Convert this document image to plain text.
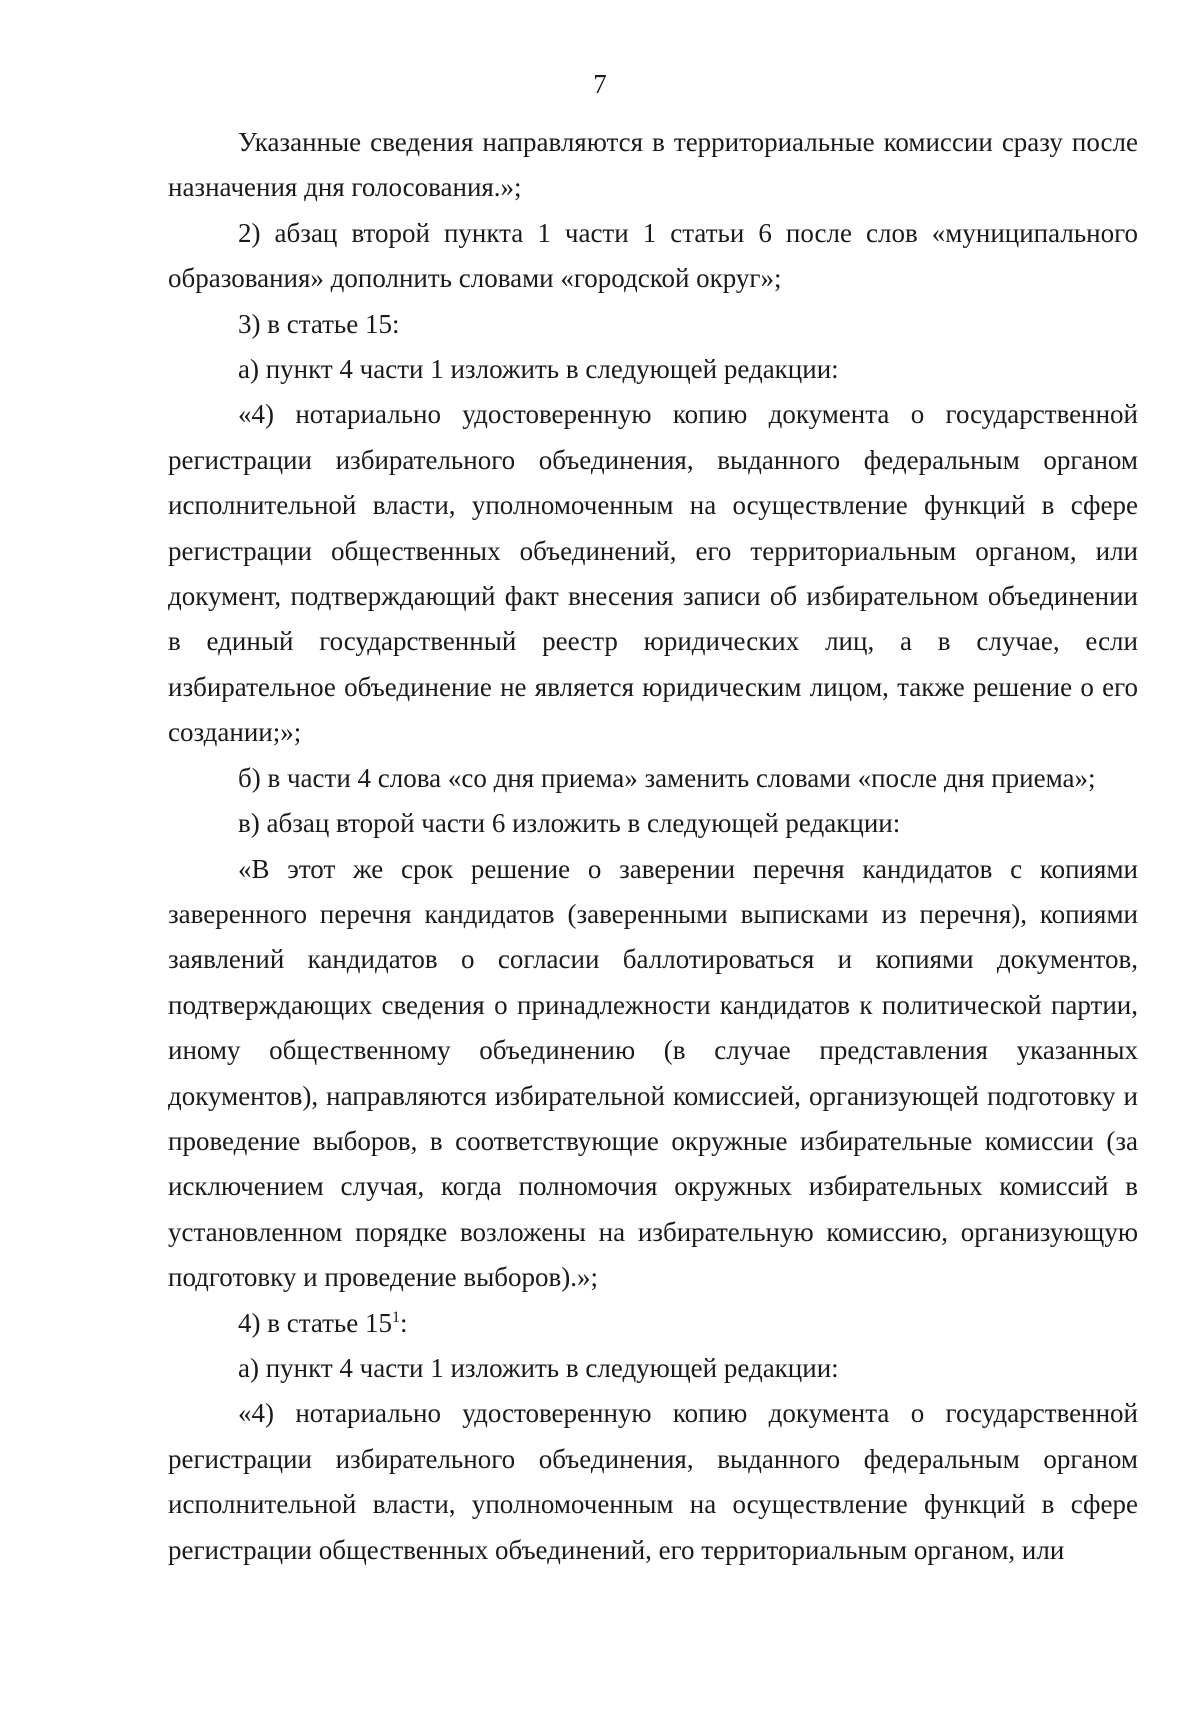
7

Указанные сведения направляются в территориальные комиссии сразу после назначения дня голосования.»;

2) абзац второй пункта 1 части 1 статьи 6 после слов «муниципального образования» дополнить словами «городской округ»;

3) в статье 15:

а) пункт 4 части 1 изложить в следующей редакции:

«4) нотариально удостоверенную копию документа о государственной регистрации избирательного объединения, выданного федеральным органом исполнительной власти, уполномоченным на осуществление функций в сфере регистрации общественных объединений, его территориальным органом, или документ, подтверждающий факт внесения записи об избирательном объединении в единый государственный реестр юридических лиц, а в случае, если избирательное объединение не является юридическим лицом, также решение о его создании;»;

б) в части 4 слова «со дня приема» заменить словами «после дня приема»;

в) абзац второй части 6 изложить в следующей редакции:

«В этот же срок решение о заверении перечня кандидатов с копиями заверенного перечня кандидатов (заверенными выписками из перечня), копиями заявлений кандидатов о согласии баллотироваться и копиями документов, подтверждающих сведения о принадлежности кандидатов к политической партии, иному общественному объединению (в случае представления указанных документов), направляются избирательной комиссией, организующей подготовку и проведение выборов, в соответствующие окружные избирательные комиссии (за исключением случая, когда полномочия окружных избирательных комиссий в установленном порядке возложены на избирательную комиссию, организующую подготовку и проведение выборов).»;

4) в статье $15^1$:

а) пункт 4 части 1 изложить в следующей редакции:

«4) нотариально удостоверенную копию документа о государственной регистрации избирательного объединения, выданного федеральным органом исполнительной власти, уполномоченным на осуществление функций в сфере регистрации общественных объединений, его территориальным органом, или
